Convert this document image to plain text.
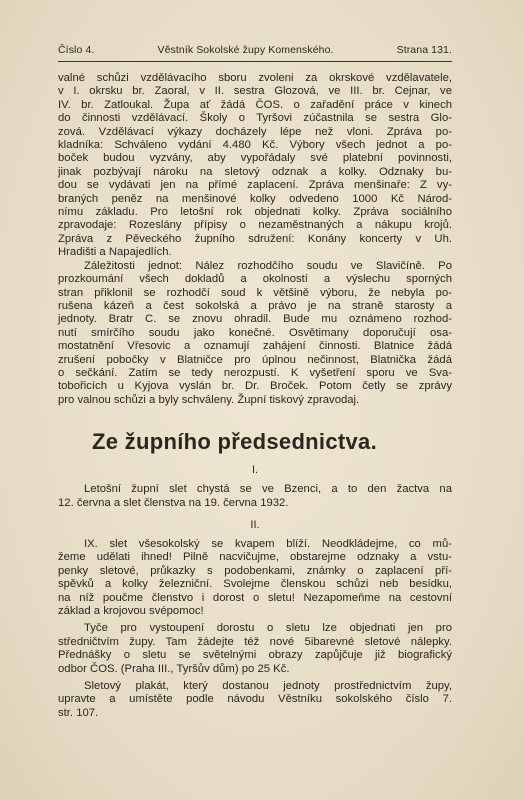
Číslo 4.	Věstník Sokolské župy Komenského.	Strana 131.
valné schůzi vzdělávacího sboru zvoleni za okrskové vzdělavatele,
v I. okrsku br. Zaoral, v II. sestra Glozová, ve III. br. Cejnar, ve
IV. br. Zatloukal. Župa ať žádá ČOS. o zařadění práce v kinech
do činnosti vzdělávací. Školy o Tyršovi zúčastnila se sestra Glo-
zová. Vzdělávací výkazy docházely lépe než vloni. Zpráva po-
kladníka: Schváleno vydání 4.480 Kč. Výbory všech jednot a po-
boček budou vyzvány, aby vypořádaly své platební povinnosti,
jinak pozbývají nároku na sletový odznak a kolky. Odznaky bu-
dou se vydávati jen na přímé zaplacení. Zpráva menšinaře: Z vy-
braných peněz na menšinové kolky odvedeno 1000 Kč Národ-
nímu základu. Pro letošní rok objednati kolky. Zpráva sociálního
zpravodaje: Rozeslány přípisy o nezaměstnaných a nákupu krojů.
Zpráva z Pěveckého župního sdružení: Konány koncerty v Uh.
Hradišti a Napajedlích.
Záležitosti jednot: Nález rozhodčího soudu ve Slavičíně. Po
prozkoumání všech dokladů a okolností a výslechu sporných
stran přiklonil se rozhodčí soud k většině výboru, že nebyla po-
rušena kázeň a čest sokolská a právo je na straně starosty a
jednoty. Bratr C. se znovu ohradil. Bude mu oznámeno rozhod-
nutí smírčího soudu jako konečné. Osvětimany doporučují osa-
mostatnění Vřesovic a oznamují zahájení činnosti. Blatnice žádá
zrušení pobočky v Blatničce pro úplnou nečinnost, Blatnička žádá
o sečkání. Zatím se tedy nerozpustí. K vyšetření sporu ve Sva-
tobořicích u Kyjova vyslán br. Dr. Broček. Potom četly se zprávy
pro valnou schůzi a byly schváleny. Župní tiskový zpravodaj.
Ze župního předsednictva.
I.
Letošní župní slet chystá se ve Bzenci, a to den žactva na
12. června a slet členstva na 19. června 1932.
II.
IX. slet všesokolský se kvapem blíží. Neodkládejme, co mů-
žeme udělati ihned! Pilně nacvičujme, obstarejme odznaky a vstu-
penky sletové, průkazky s podobenkami, známky o zaplacení pří-
spěvků a kolky železniční. Svolejme členskou schůzi neb besídku,
na níž poučme členstvo i dorost o sletu! Nezapomeňme na cestovní
základ a krojovou svépomoc!
Tyče pro vystoupení dorostu o sletu lze objednati jen pro
středničtvím župy. Tam žádejte též nové 5ibarevné sletové nálepky.
Přednášky o sletu se světelnými obrazy zapůjčuje již biografický
odbor ČOS. (Praha III., Tyršův dům) po 25 Kč.
Sletový plakát, který dostanou jednoty prostřednictvím župy,
upravte a umístěte podle návodu Věstníku sokolského číslo 7.
str. 107.
